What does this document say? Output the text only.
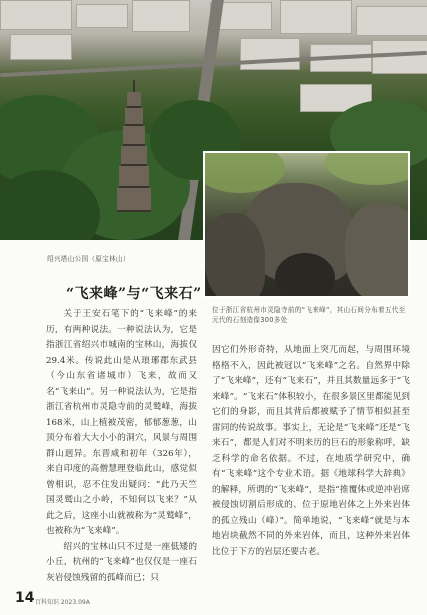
绍兴塔山公园（原宝林山）
位于浙江省杭州市灵隐寺前的“飞来峰”，其山石间分布着五代至元代的石刻造像300多处
“飞来峰”与“飞来石”

关于王安石笔下的“飞来峰”的来历，有两种说法。一种说法认为，它是指浙江省绍兴市城南的宝林山，海拔仅29.4米。传说此山是从琅琊郡东武县（今山东省诸城市）飞来，故而又名“飞来山”。另一种说法认为，它是指浙江省杭州市灵隐寺前的灵鹫峰，海拔168米，山上植被茂密，郁郁葱葱，山顶分布着大大小小的洞穴，风景与周围群山迥异。东晋咸和初年（326年），来自印度的高僧慧理登临此山，感觉似曾相识，忍不住发出疑问：“此乃天竺国灵鹫山之小岭，不知何以飞来？”从此之后，这座小山就被称为“灵鹫峰”，也被称为“飞来峰”。

绍兴的宝林山只不过是一座低矮的小丘，杭州的“飞来峰”也仅仅是一座石灰岩侵蚀残留的孤峰而已；只

因它们外形奇特，从地面上突兀而起，与周围环境格格不入，因此被冠以“飞来峰”之名。自然界中除了“飞来峰”，还有“飞来石”，并且其数量远多于“飞来峰”。“飞来石”体积较小，在很多景区里都能见到它们的身影，而且其背后都被赋予了情节相似甚至雷同的传说故事。事实上，无论是“飞来峰”还是“飞来石”，都是人们对不明来历的巨石的形象称呼，缺乏科学的命名依据。不过，在地质学研究中，确有“飞来峰”这个专业术语。据《地球科学大辞典》的解释，所谓的“飞来峰”，是指“推覆体或逆冲岩席被侵蚀切割后形成的、位于原地岩体之上外来岩体的孤立残山（峰）”。简单地说，“飞来峰”就是与本地岩块截然不同的外来岩体，而且，这种外来岩体比位于下方的岩层还要古老。

14 百科知识 2023.09A
